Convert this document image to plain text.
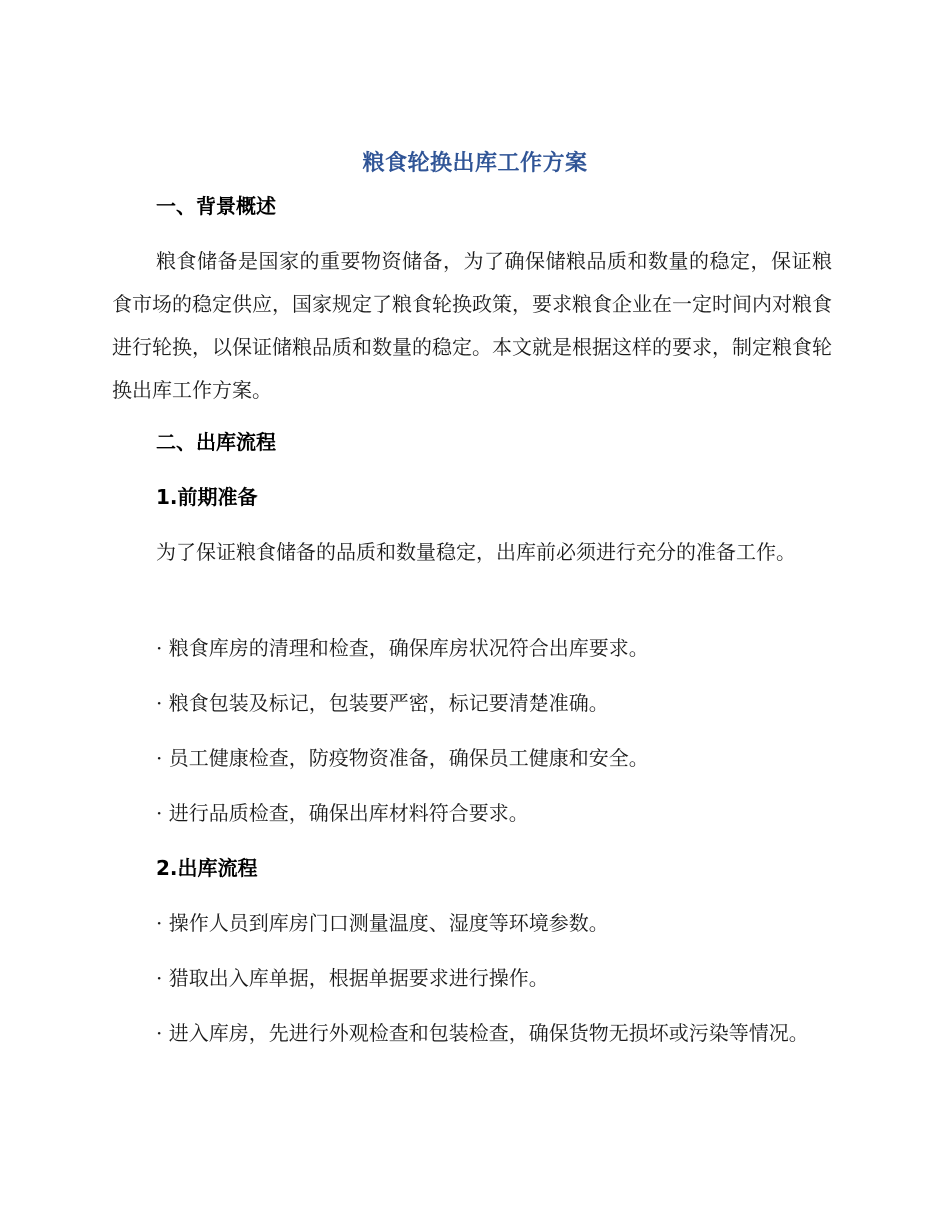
粮食轮换出库工作方案
一、背景概述
粮食储备是国家的重要物资储备，为了确保储粮品质和数量的稳定，保证粮食市场的稳定供应，国家规定了粮食轮换政策，要求粮食企业在一定时间内对粮食进行轮换，以保证储粮品质和数量的稳定。本文就是根据这样的要求，制定粮食轮换出库工作方案。
二、出库流程
1.前期准备
为了保证粮食储备的品质和数量稳定，出库前必须进行充分的准备工作。
· 粮食库房的清理和检查，确保库房状况符合出库要求。
· 粮食包装及标记，包装要严密，标记要清楚准确。
· 员工健康检查，防疫物资准备，确保员工健康和安全。
· 进行品质检查，确保出库材料符合要求。
2.出库流程
· 操作人员到库房门口测量温度、湿度等环境参数。
· 猎取出入库单据，根据单据要求进行操作。
· 进入库房，先进行外观检查和包装检查，确保货物无损坏或污染等情况。
